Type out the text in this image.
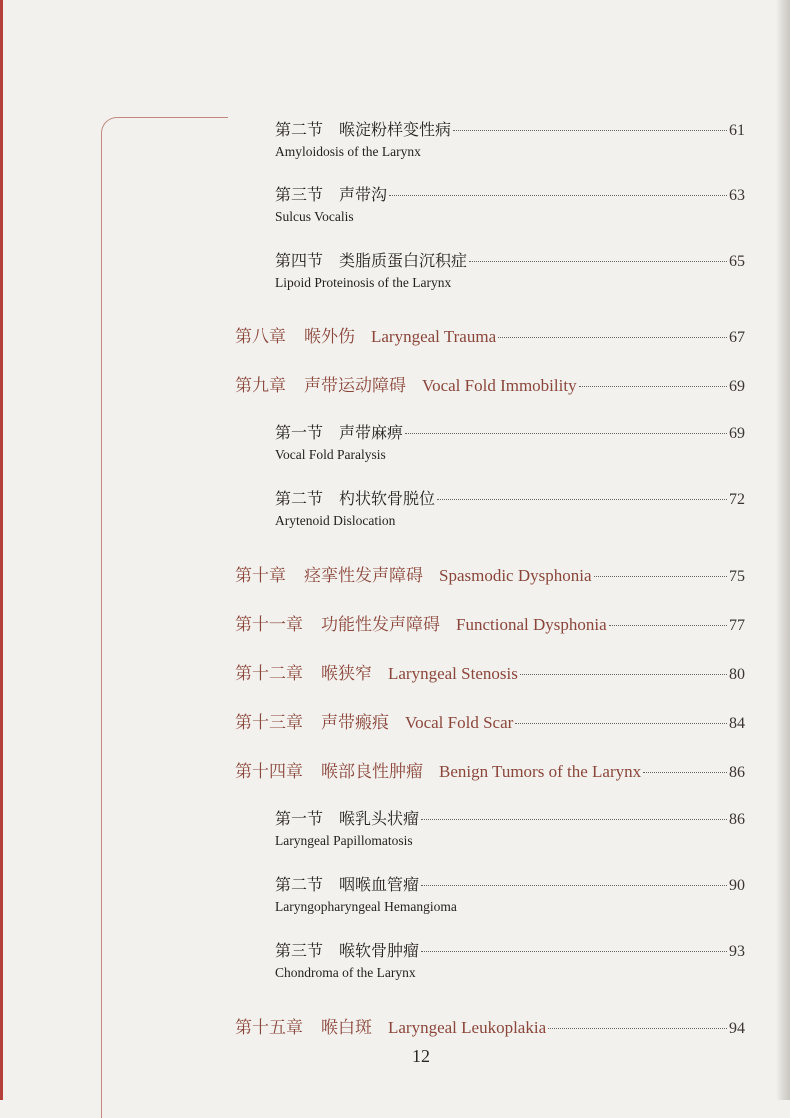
第二节 喉淀粉样变性病	61
Amyloidosis of the Larynx
第三节 声带沟	63
Sulcus Vocalis
第四节 类脂质蛋白沉积症	65
Lipoid Proteinosis of the Larynx
第八章 喉外伤 Laryngeal Trauma	67
第九章 声带运动障碍 Vocal Fold Immobility	69
第一节 声带麻痹	69
Vocal Fold Paralysis
第二节 杓状软骨脱位	72
Arytenoid Dislocation
第十章 痉挛性发声障碍 Spasmodic Dysphonia	75
第十一章 功能性发声障碍 Functional Dysphonia	77
第十二章 喉狭窄 Laryngeal Stenosis	80
第十三章 声带瘢痕 Vocal Fold Scar	84
第十四章 喉部良性肿瘤 Benign Tumors of the Larynx	86
第一节 喉乳头状瘤	86
Laryngeal Papillomatosis
第二节 咽喉血管瘤	90
Laryngopharyngeal Hemangioma
第三节 喉软骨肿瘤	93
Chondroma of the Larynx
第十五章 喉白斑 Laryngeal Leukoplakia	94
12
